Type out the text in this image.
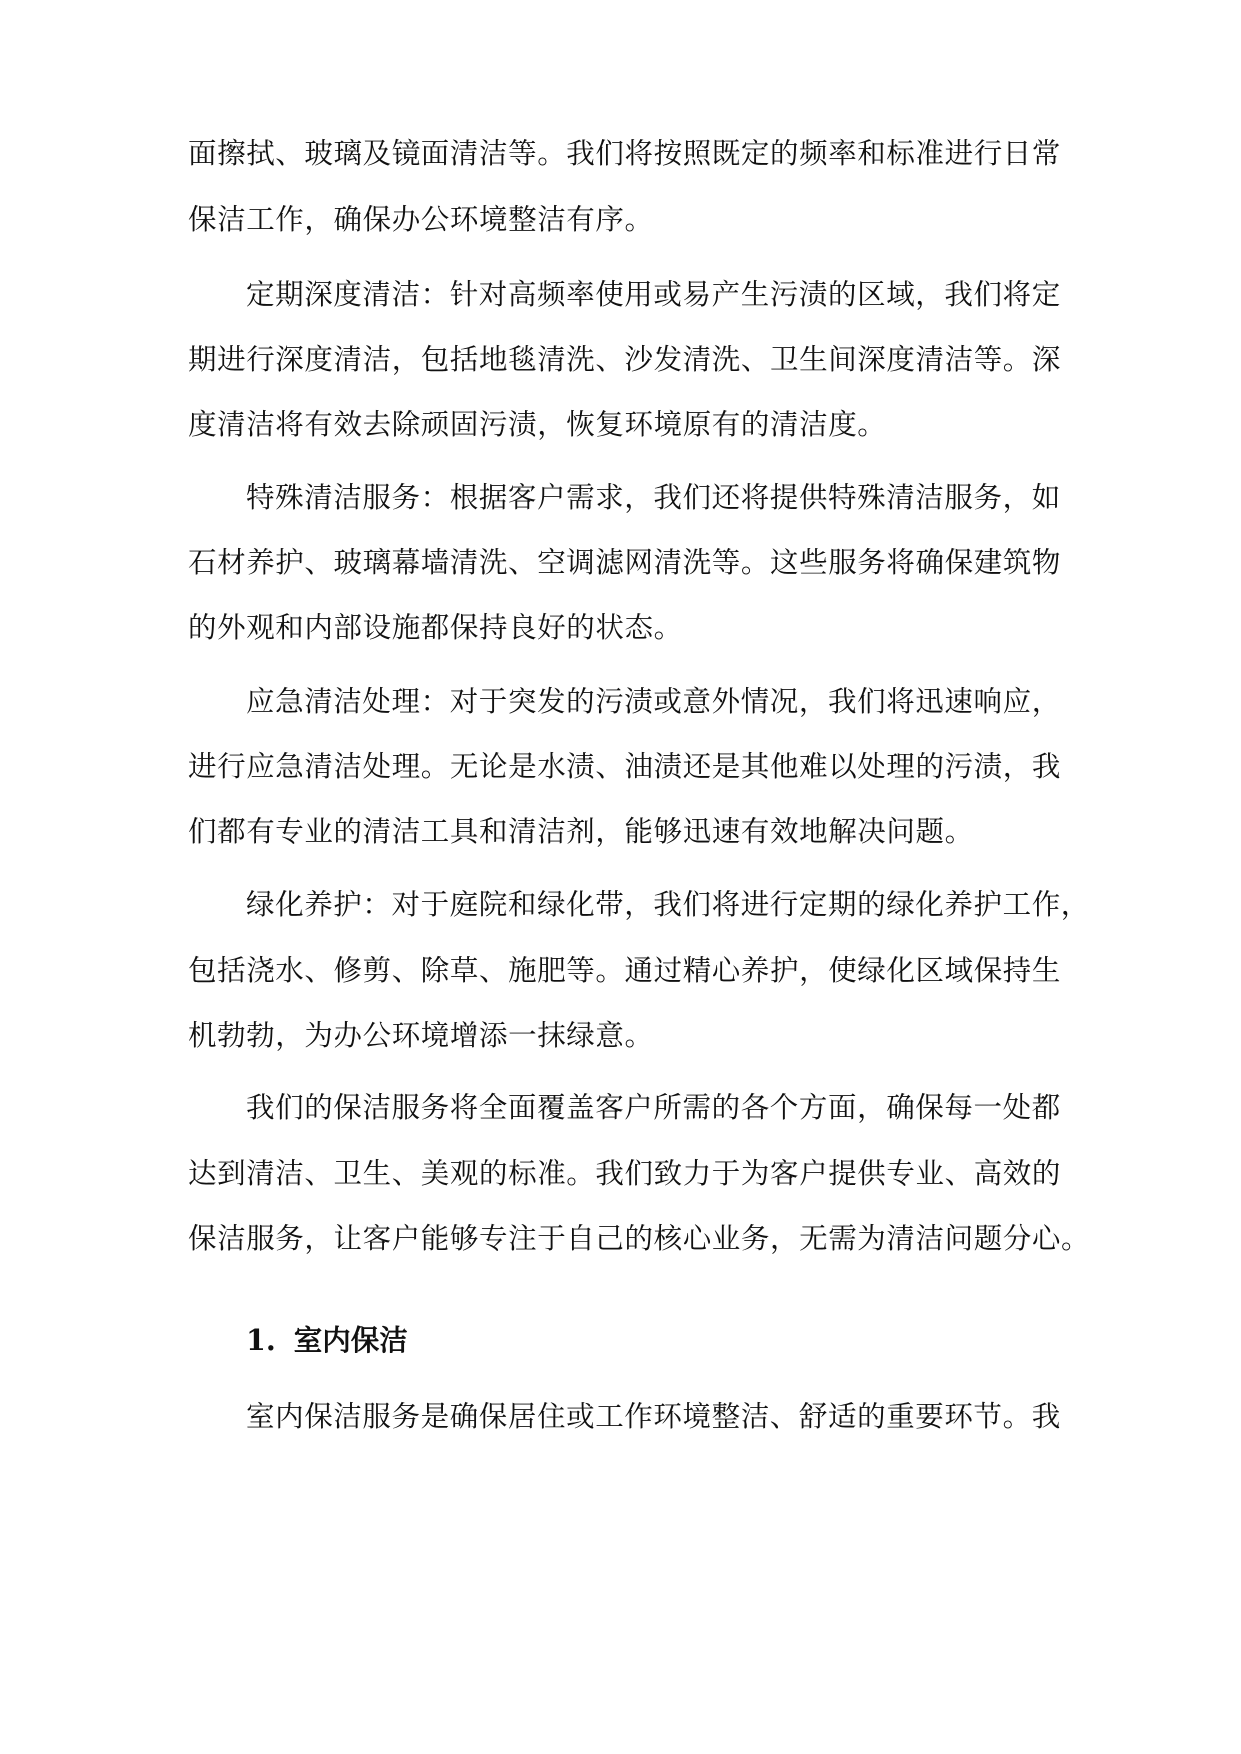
面擦拭、玻璃及镜面清洁等。我们将按照既定的频率和标准进行日常
保洁工作，确保办公环境整洁有序。
定期深度清洁：针对高频率使用或易产生污渍的区域，我们将定
期进行深度清洁，包括地毯清洗、沙发清洗、卫生间深度清洁等。深
度清洁将有效去除顽固污渍，恢复环境原有的清洁度。
特殊清洁服务：根据客户需求，我们还将提供特殊清洁服务，如
石材养护、玻璃幕墙清洗、空调滤网清洗等。这些服务将确保建筑物
的外观和内部设施都保持良好的状态。
应急清洁处理：对于突发的污渍或意外情况，我们将迅速响应，
进行应急清洁处理。无论是水渍、油渍还是其他难以处理的污渍，我
们都有专业的清洁工具和清洁剂，能够迅速有效地解决问题。
绿化养护：对于庭院和绿化带，我们将进行定期的绿化养护工作，
包括浇水、修剪、除草、施肥等。通过精心养护，使绿化区域保持生
机勃勃，为办公环境增添一抹绿意。
我们的保洁服务将全面覆盖客户所需的各个方面，确保每一处都
达到清洁、卫生、美观的标准。我们致力于为客户提供专业、高效的
保洁服务，让客户能够专注于自己的核心业务，无需为清洁问题分心。
1. 室内保洁
室内保洁服务是确保居住或工作环境整洁、舒适的重要环节。我
